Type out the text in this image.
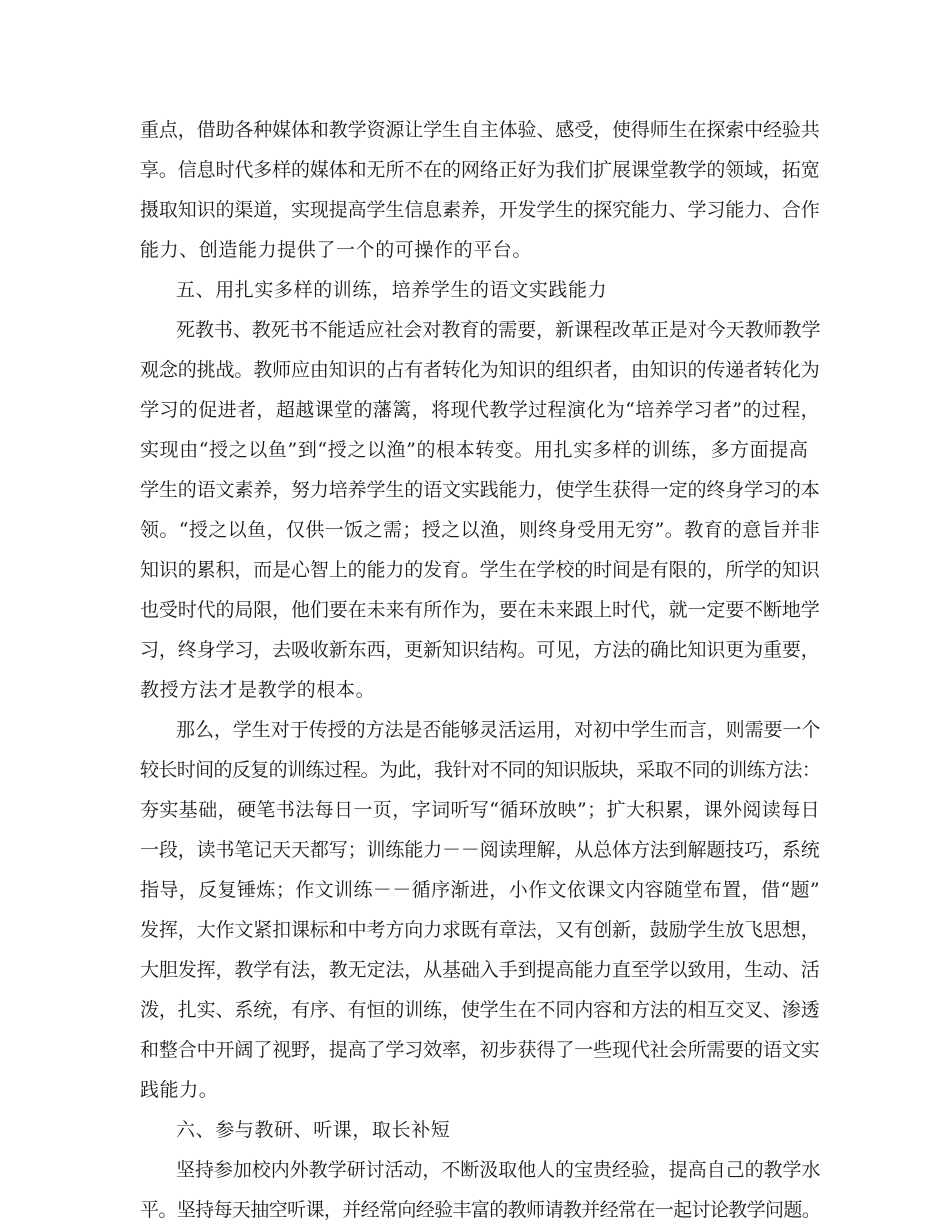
重点，借助各种媒体和教学资源让学生自主体验、感受，使得师生在探索中经验共
享。信息时代多样的媒体和无所不在的网络正好为我们扩展课堂教学的领域，拓宽
摄取知识的渠道，实现提高学生信息素养，开发学生的探究能力、学习能力、合作
能力、创造能力提供了一个的可操作的平台。
五、用扎实多样的训练，培养学生的语文实践能力
死教书、教死书不能适应社会对教育的需要，新课程改革正是对今天教师教学
观念的挑战。教师应由知识的占有者转化为知识的组织者，由知识的传递者转化为
学习的促进者，超越课堂的藩篱，将现代教学过程演化为“培养学习者”的过程，
实现由“授之以鱼”到“授之以渔”的根本转变。用扎实多样的训练，多方面提高
学生的语文素养，努力培养学生的语文实践能力，使学生获得一定的终身学习的本
领。“授之以鱼，仅供一饭之需；授之以渔，则终身受用无穷”。教育的意旨并非
知识的累积，而是心智上的能力的发育。学生在学校的时间是有限的，所学的知识
也受时代的局限，他们要在未来有所作为，要在未来跟上时代，就一定要不断地学
习，终身学习，去吸收新东西，更新知识结构。可见，方法的确比知识更为重要，
教授方法才是教学的根本。
那么，学生对于传授的方法是否能够灵活运用，对初中学生而言，则需要一个
较长时间的反复的训练过程。为此，我针对不同的知识版块，采取不同的训练方法：
夯实基础，硬笔书法每日一页，字词听写“循环放映”；扩大积累，课外阅读每日
一段，读书笔记天天都写；训练能力－－阅读理解，从总体方法到解题技巧，系统
指导，反复锤炼；作文训练－－循序渐进，小作文依课文内容随堂布置，借“题”
发挥，大作文紧扣课标和中考方向力求既有章法，又有创新，鼓励学生放飞思想，
大胆发挥，教学有法，教无定法，从基础入手到提高能力直至学以致用，生动、活
泼，扎实、系统，有序、有恒的训练，使学生在不同内容和方法的相互交叉、渗透
和整合中开阔了视野，提高了学习效率，初步获得了一些现代社会所需要的语文实
践能力。
六、参与教研、听课，取长补短
坚持参加校内外教学研讨活动，不断汲取他人的宝贵经验，提高自己的教学水
平。坚持每天抽空听课，并经常向经验丰富的教师请教并经常在一起讨论教学问题。
